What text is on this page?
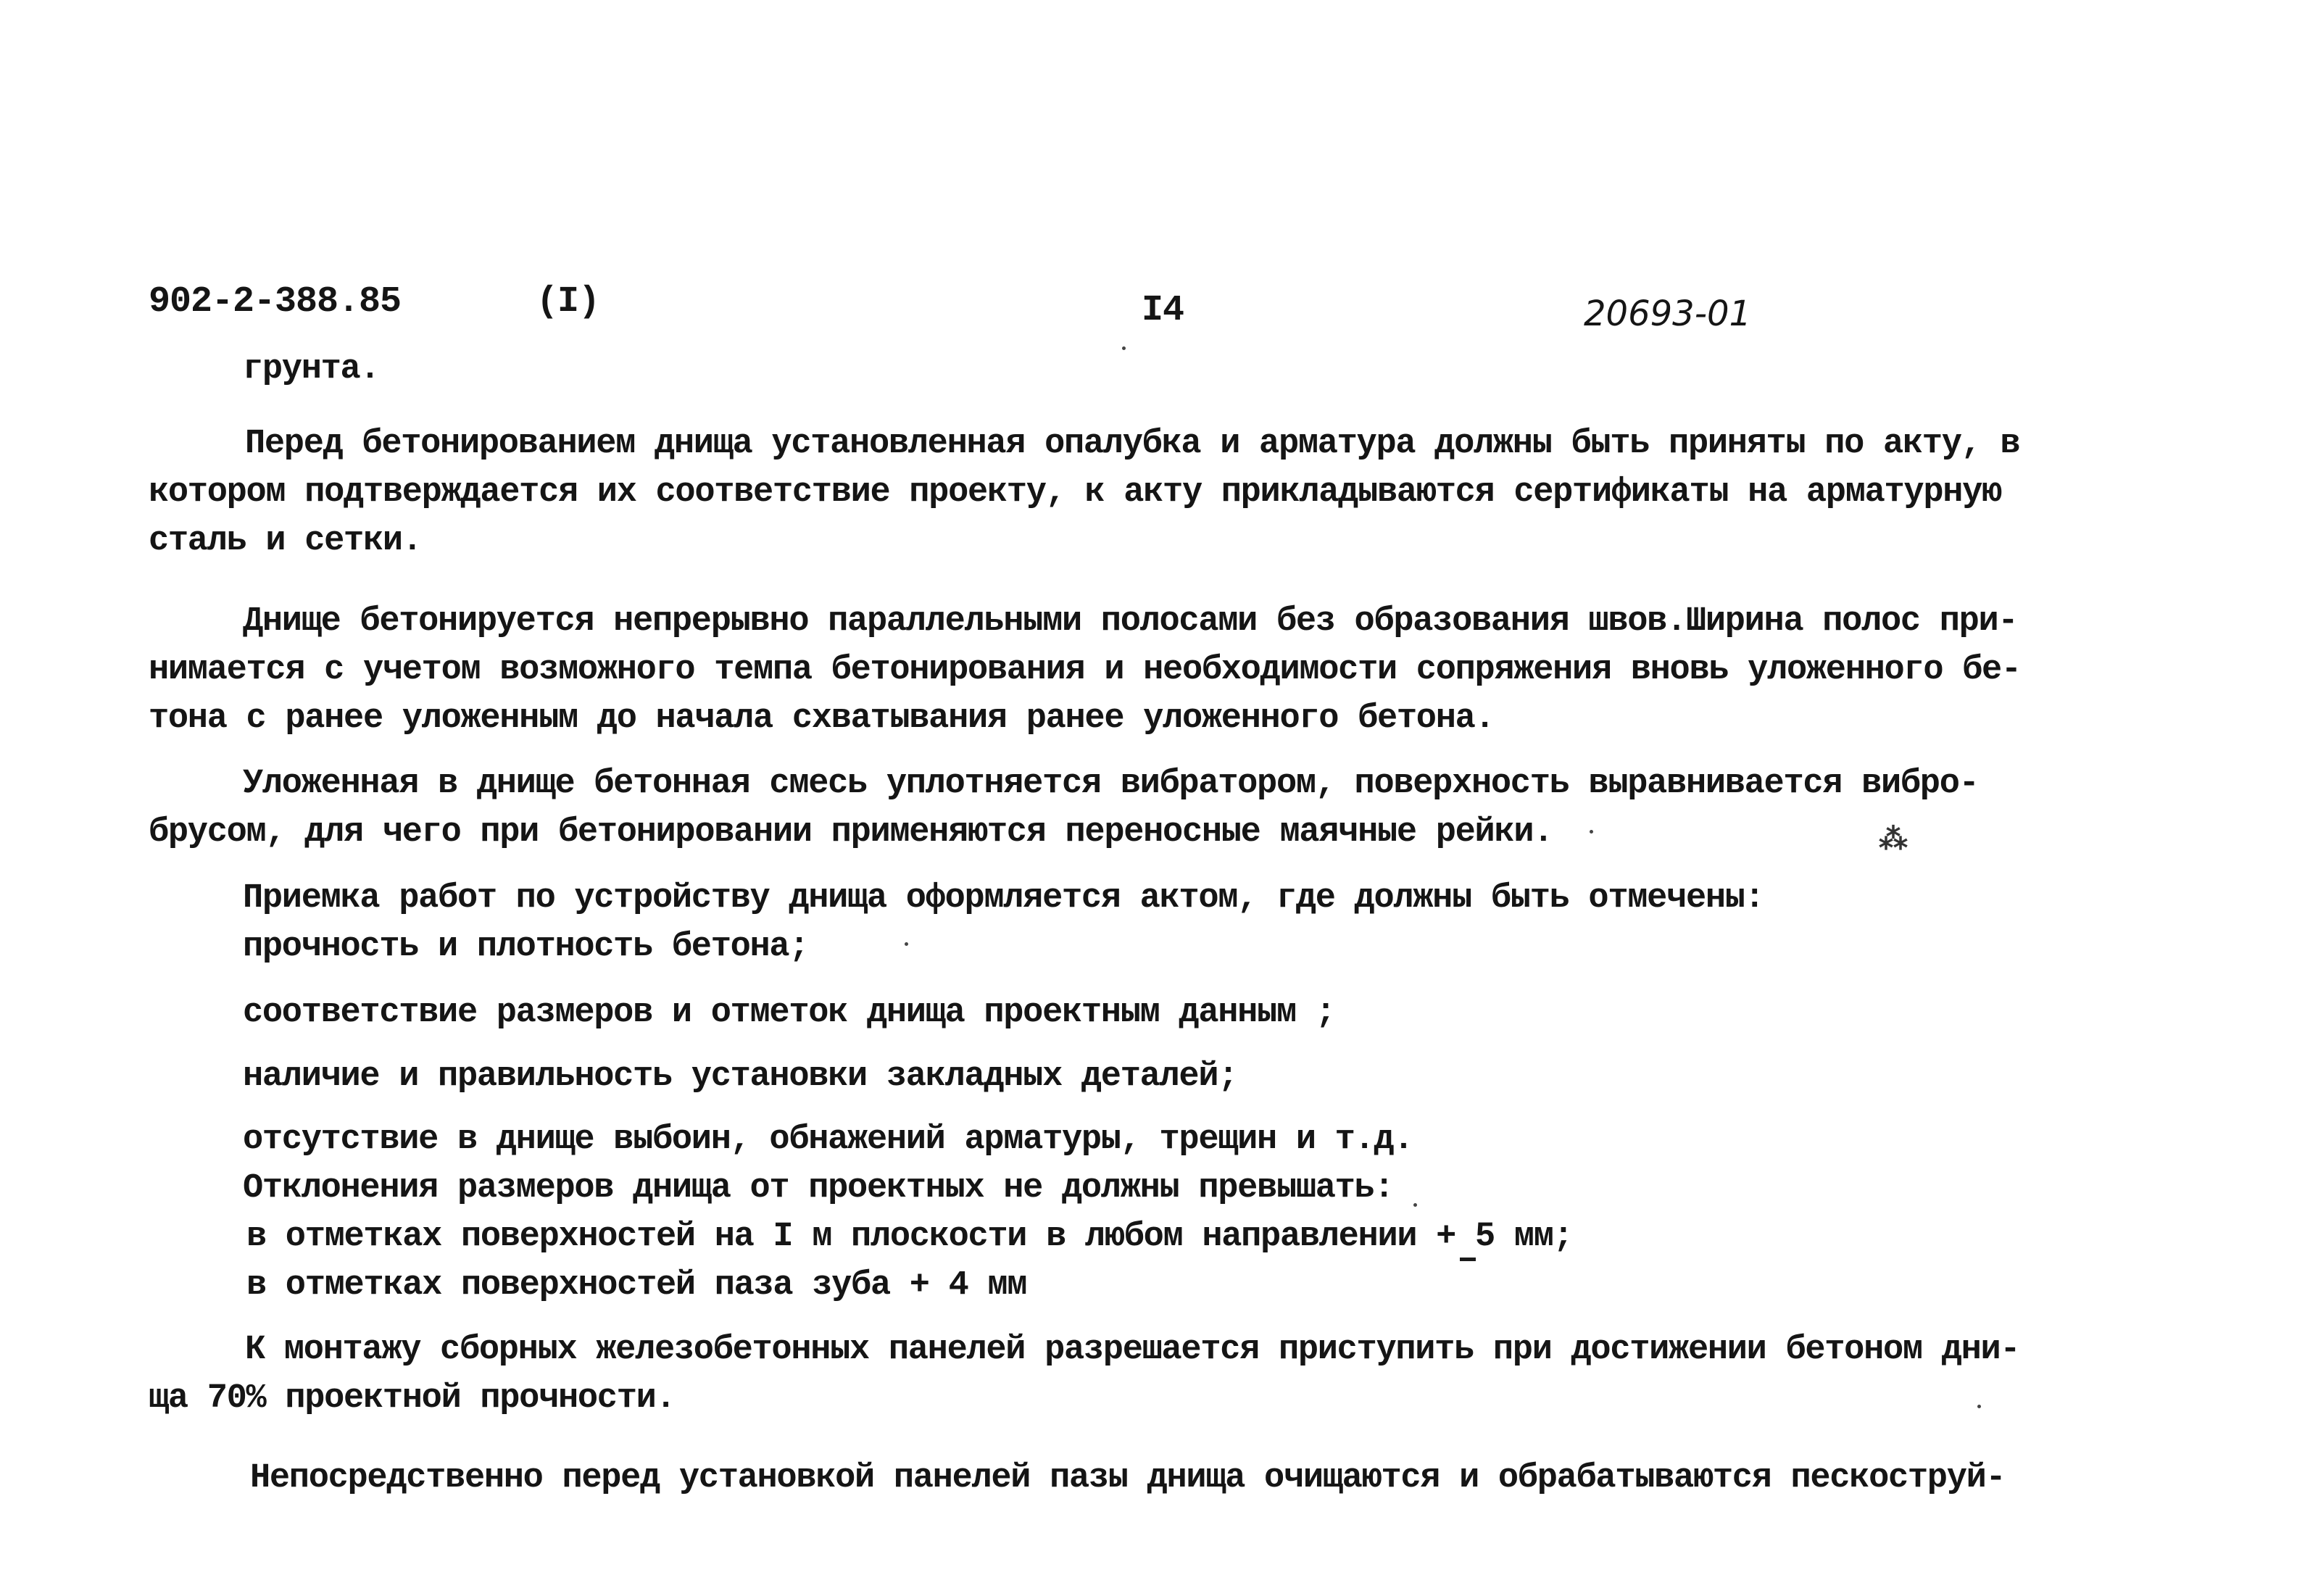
902-2-388.85	(I)	I4	20693-01
грунта.
Перед бетонированием днища установленная опалубка и арматура должны быть приняты по акту, в
котором подтверждается их соответствие проекту, к акту прикладываются сертификаты на арматурную
сталь и сетки.
Днище бетонируется непрерывно параллельными полосами без образования швов.Ширина полос при-
нимается с учетом возможного темпа бетонирования и необходимости сопряжения вновь уложенного бе-
тона с ранее уложенным до начала схватывания ранее уложенного бетона.
Уложенная в днище бетонная смесь уплотняется вибратором, поверхность выравнивается вибро-
брусом, для чего при бетонировании применяются переносные маячные рейки.
Приемка работ по устройству днища оформляется актом, где должны быть отмечены:
прочность и плотность бетона;
соответствие размеров и отметок днища проектным данным ;
наличие и правильность установки закладных деталей;
отсутствие в днище выбоин, обнажений арматуры, трещин и т.д.
Отклонения размеров днища от проектных не должны превышать:
в отметках поверхностей на I м плоскости в любом направлении + 5 мм;
в отметках поверхностей паза зуба + 4 мм
К монтажу сборных железобетонных панелей разрешается приступить при достижении бетоном дни-
ща 70% проектной прочности.
Непосредственно перед установкой панелей пазы днища очищаются и обрабатываются пескоструй-
⁂
